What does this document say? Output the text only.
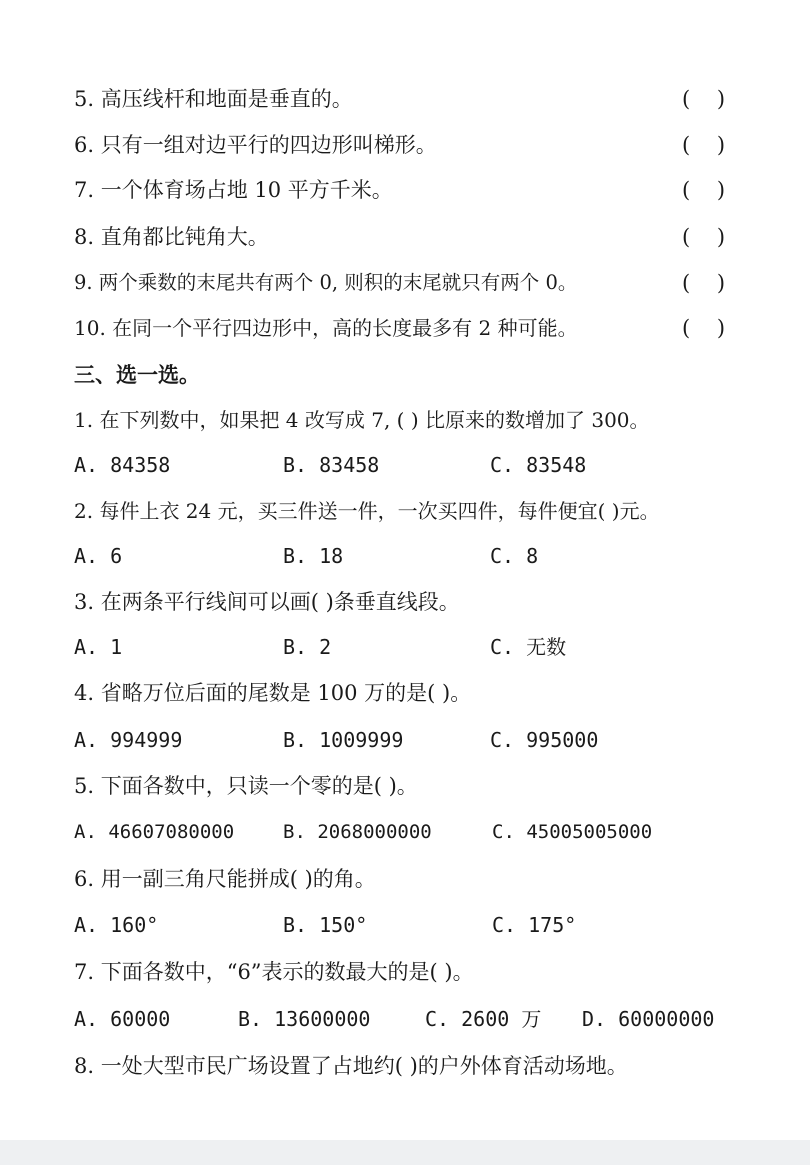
5. 高压线杆和地面是垂直的。	(    )
6. 只有一组对边平行的四边形叫梯形。	(    )
7. 一个体育场占地 10 平方千米。	(    )
8. 直角都比钝角大。	(    )
9. 两个乘数的末尾共有两个 0, 则积的末尾就只有两个 0。	(    )
10. 在同一个平行四边形中，高的长度最多有 2 种可能。	(    )
三、选一选。
1. 在下列数中，如果把 4 改写成 7, ( ) 比原来的数增加了 300。
A. 84358	B. 83458	C. 83548
2. 每件上衣 24 元，买三件送一件，一次买四件，每件便宜( )元。
A. 6	B. 18	C. 8
3. 在两条平行线间可以画( )条垂直线段。
A. 1	B. 2	C. 无数
4. 省略万位后面的尾数是 100 万的是( )。
A. 994999	B. 1009999	C. 995000
5. 下面各数中，只读一个零的是( )。
A. 46607080000	B. 2068000000	C. 45005005000
6. 用一副三角尺能拼成( )的角。
A. 160°	B. 150°	C. 175°
7. 下面各数中，“6”表示的数最大的是( )。
A. 60000	B. 13600000	C. 2600 万 D. 60000000
8. 一处大型市民广场设置了占地约( )的户外体育活动场地。
